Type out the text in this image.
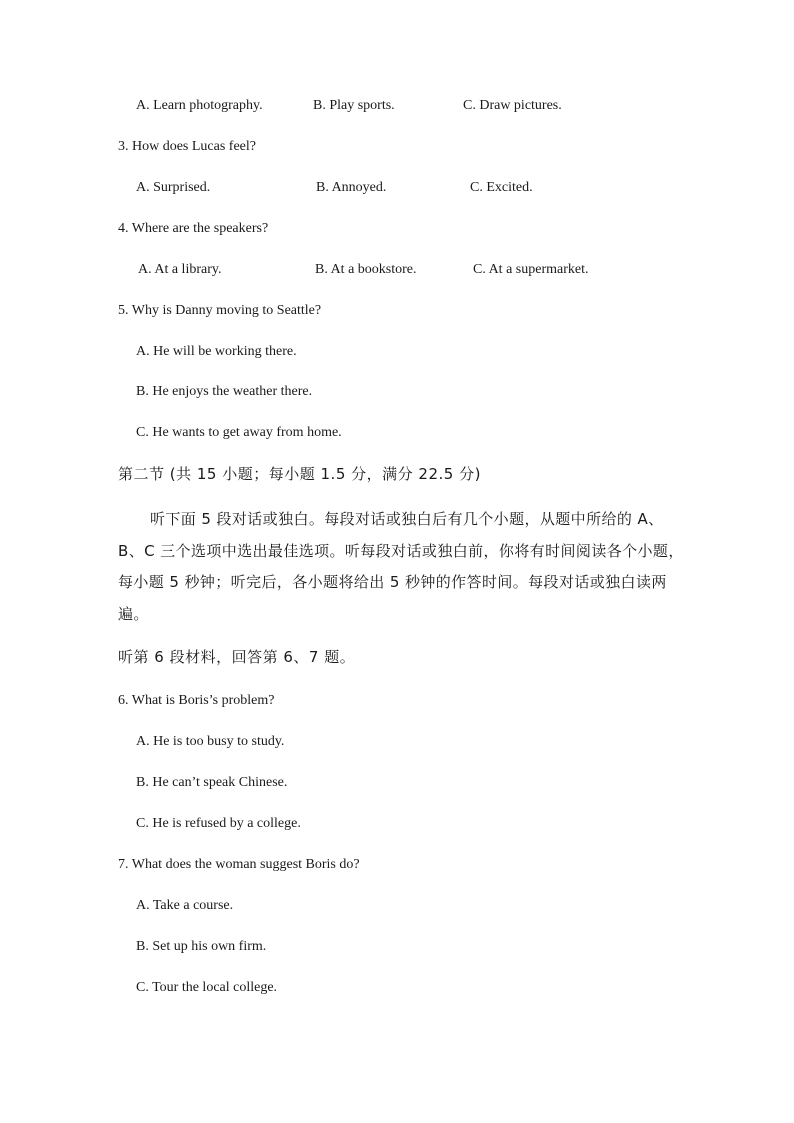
A. Learn photography.	B. Play sports.	C. Draw pictures.
3. How does Lucas feel?
A. Surprised.	B. Annoyed.	C. Excited.
4. Where are the speakers?
A. At a library.	B. At a bookstore.	C. At a supermarket.
5. Why is Danny moving to Seattle?
A. He will be working there.
B. He enjoys the weather there.
C. He wants to get away from home.
第二节 (共 15 小题；每小题 1.5 分，满分 22.5 分)
听下面 5 段对话或独白。每段对话或独白后有几个小题，从题中所给的 A、B、C 三个选项中选出最佳选项。听每段对话或独白前，你将有时间阅读各个小题，每小题 5 秒钟；听完后，各小题将给出 5 秒钟的作答时间。每段对话或独白读两遍。
听第 6 段材料，回答第 6、7 题。
6. What is Boris’s problem?
A. He is too busy to study.
B. He can’t speak Chinese.
C. He is refused by a college.
7. What does the woman suggest Boris do?
A. Take a course.
B. Set up his own firm.
C. Tour the local college.
